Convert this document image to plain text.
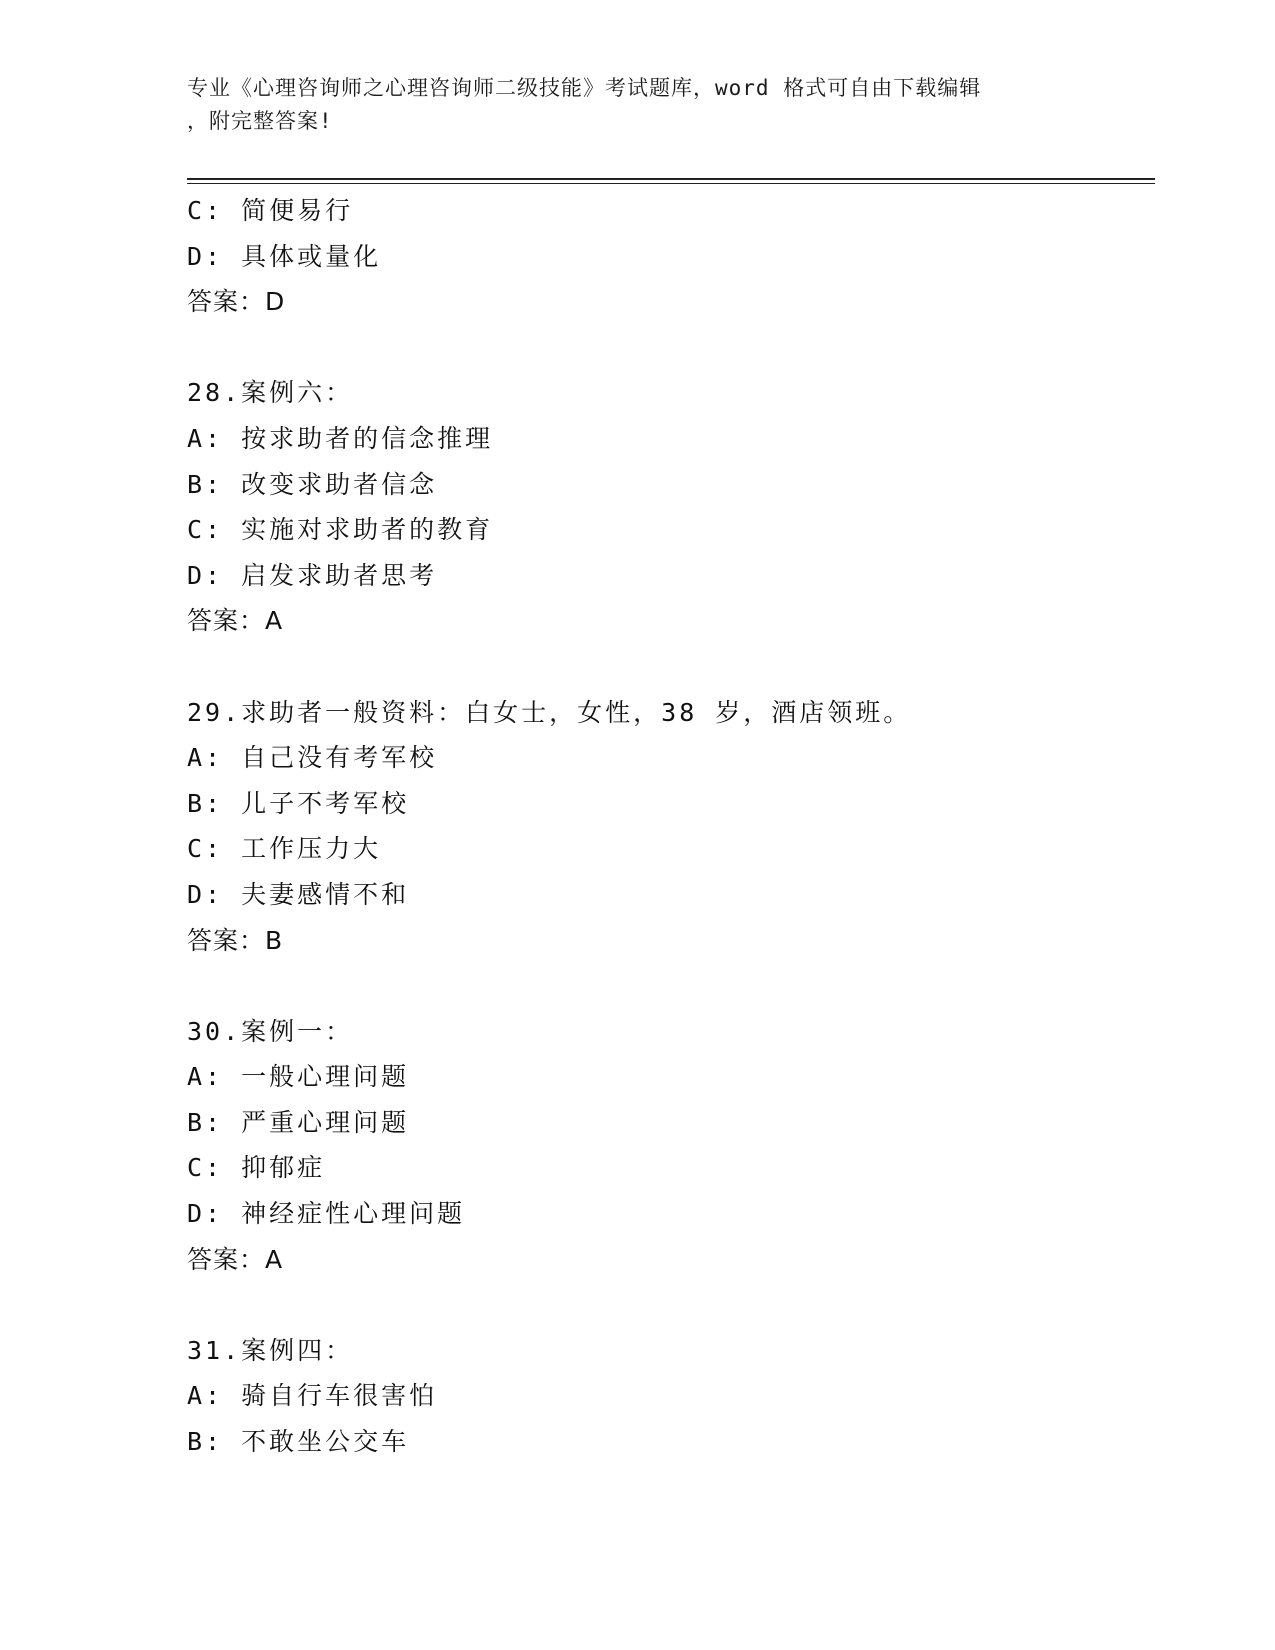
专业《心理咨询师之心理咨询师二级技能》考试题库，word 格式可自由下载编辑
，附完整答案!
C: 简便易行
D: 具体或量化
答案：D
28.案例六：
A: 按求助者的信念推理
B: 改变求助者信念
C: 实施对求助者的教育
D: 启发求助者思考
答案：A
29.求助者一般资料：白女士，女性，38 岁，酒店领班。
A: 自己没有考军校
B: 儿子不考军校
C: 工作压力大
D: 夫妻感情不和
答案：B
30.案例一：
A: 一般心理问题
B: 严重心理问题
C: 抑郁症
D: 神经症性心理问题
答案：A
31.案例四：
A: 骑自行车很害怕
B: 不敢坐公交车
